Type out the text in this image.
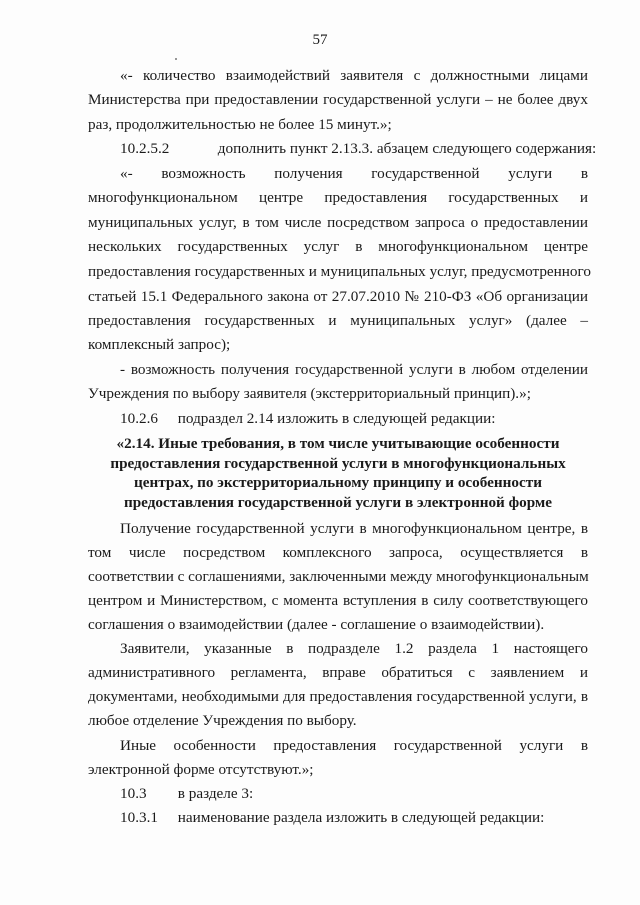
57
«- количество взаимодействий заявителя с должностными лицами
Министерства при предоставлении государственной услуги – не более двух
раз, продолжительностью не более 15 минут.»;
10.2.5.2	дополнить пункт 2.13.3. абзацем следующего содержания:
«- возможность получения государственной услуги в
многофункциональном центре предоставления государственных и
муниципальных услуг, в том числе посредством запроса о предоставлении
нескольких государственных услуг в многофункциональном центре
предоставления государственных и муниципальных услуг, предусмотренного
статьей 15.1 Федерального закона от 27.07.2010 № 210-ФЗ «Об организации
предоставления государственных и муниципальных услуг» (далее –
комплексный запрос);
- возможность получения государственной услуги в любом отделении
Учреждения по выбору заявителя (экстерриториальный принцип).»;
10.2.6 подраздел 2.14 изложить в следующей редакции:
«2.14. Иные требования, в том числе учитывающие особенности
предоставления государственной услуги в многофункциональных
центрах, по экстерриториальному принципу и особенности
предоставления государственной услуги в электронной форме
Получение государственной услуги в многофункциональном центре, в
том числе посредством комплексного запроса, осуществляется в
соответствии с соглашениями, заключенными между многофункциональным
центром и Министерством, с момента вступления в силу соответствующего
соглашения о взаимодействии (далее - соглашение о взаимодействии).
Заявители, указанные в подразделе 1.2 раздела 1 настоящего
административного регламента, вправе обратиться с заявлением и
документами, необходимыми для предоставления государственной услуги, в
любое отделение Учреждения по выбору.
Иные особенности предоставления государственной услуги в
электронной форме отсутствуют.»;
10.3 в разделе 3:
10.3.1 наименование раздела изложить в следующей редакции:
